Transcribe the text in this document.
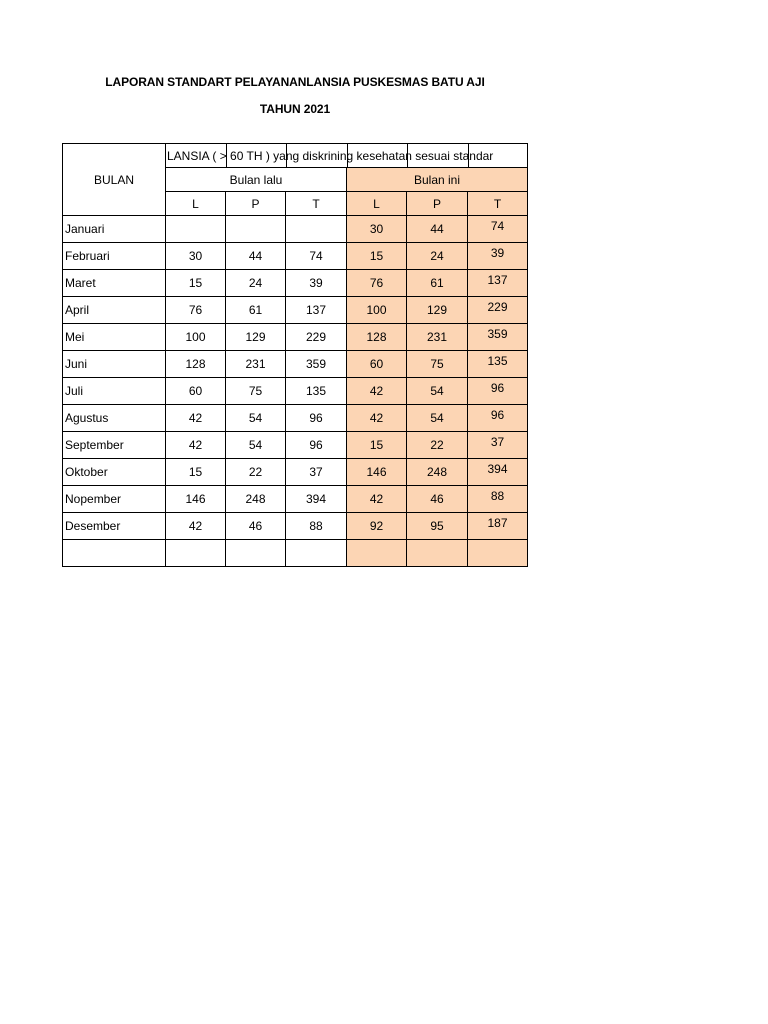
LAPORAN STANDART PELAYANANLANSIA PUSKESMAS BATU AJI
TAHUN 2021
BULAN	LANSIA ( > 60 TH ) yang diskrining kesehatan sesuai standar					

	Bulan lalu			Bulan ini		
	L	P	T	L	P	T
Januari				30	44	74
Februari	30	44	74	15	24	39
Maret	15	24	39	76	61	137
April	76	61	137	100	129	229
Mei	100	129	229	128	231	359
Juni	128	231	359	60	75	135
Juli	60	75	135	42	54	96
Agustus	42	54	96	42	54	96
September	42	54	96	15	22	37
Oktober	15	22	37	146	248	394
Nopember	146	248	394	42	46	88
Desember	42	46	88	92	95	187
